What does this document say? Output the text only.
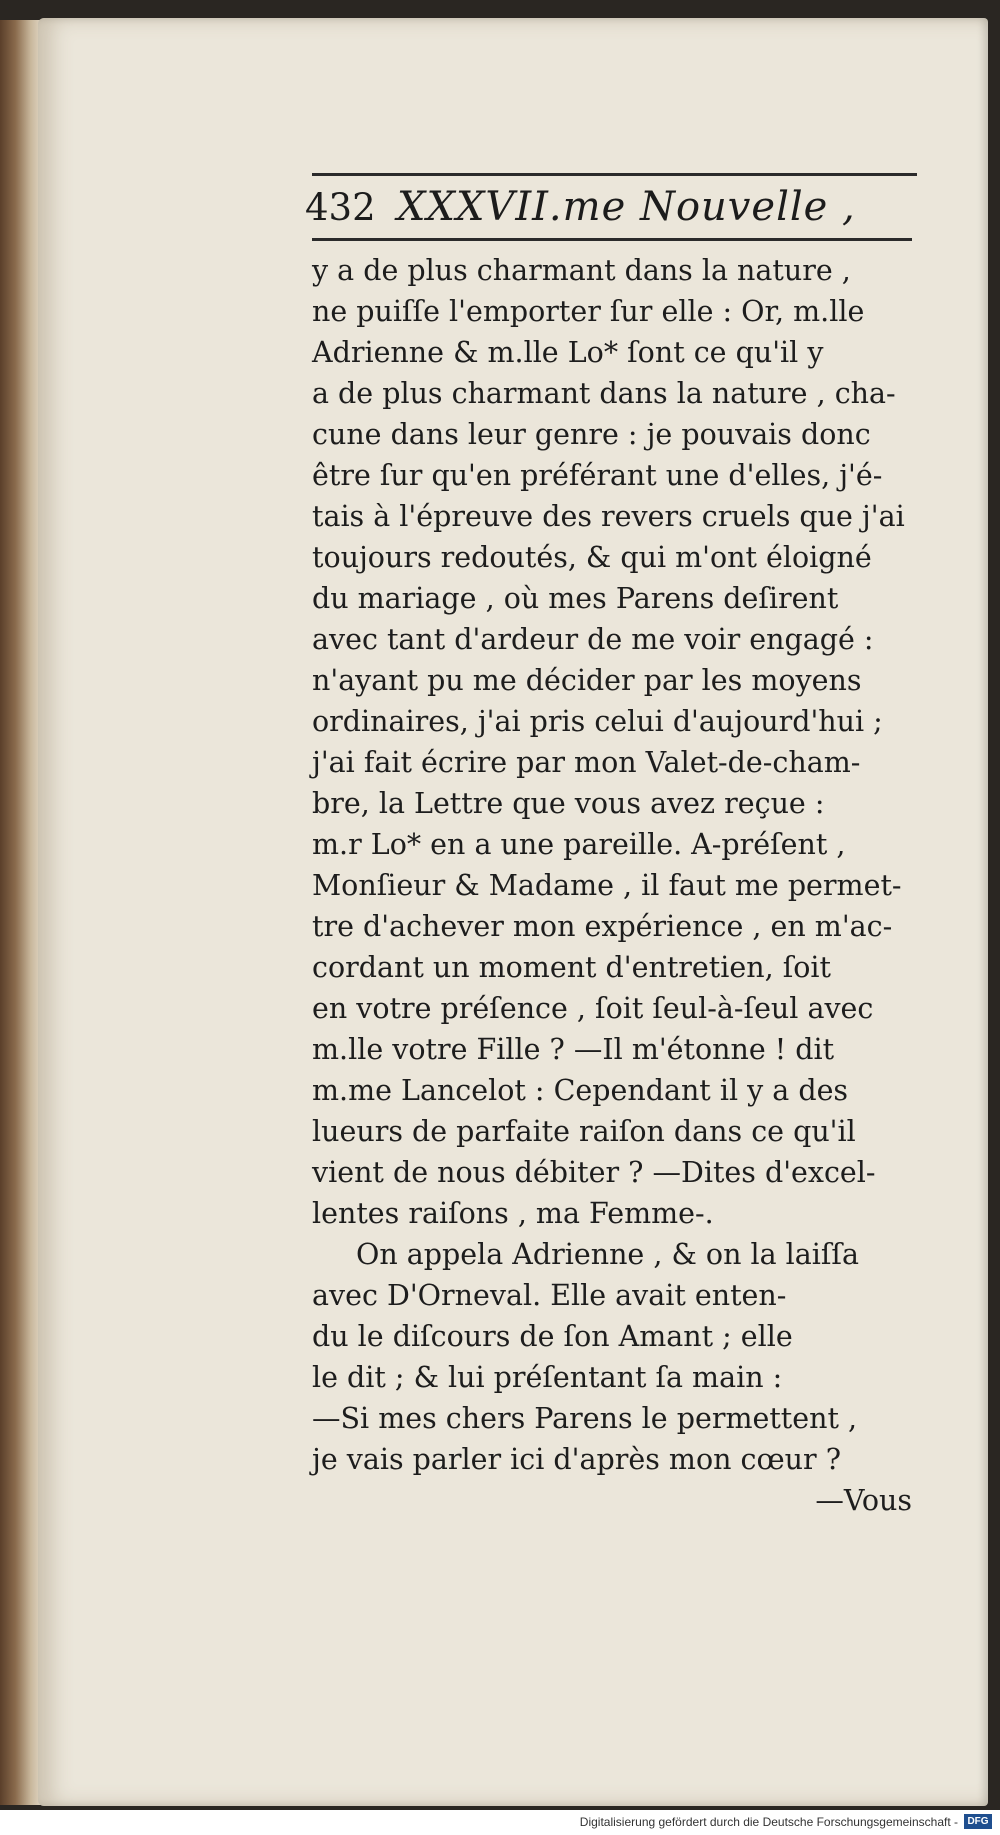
432 XXXVII.me Nouvelle ,
y a de plus charmant dans la nature ,
ne puiſſe l'emporter ſur elle : Or, m.lle
Adrienne & m.lle Lo* ſont ce qu'il y
a de plus charmant dans la nature , cha-
cune dans leur genre : je pouvais donc
être ſur qu'en préférant une d'elles, j'é-
tais à l'épreuve des revers cruels que j'ai
toujours redoutés, & qui m'ont éloigné
du mariage , où mes Parens deſirent
avec tant d'ardeur de me voir engagé :
n'ayant pu me décider par les moyens
ordinaires, j'ai pris celui d'aujourd'hui ;
j'ai fait écrire par mon Valet-de-cham-
bre, la Lettre que vous avez reçue :
m.r Lo* en a une pareille. A-préſent ,
Monſieur & Madame , il faut me permet-
tre d'achever mon expérience , en m'ac-
cordant un moment d'entretien, ſoit
en votre préſence , ſoit ſeul-à-ſeul avec
m.lle votre Fille ? —Il m'étonne ! dit
m.me Lancelot : Cependant il y a des
lueurs de parfaite raiſon dans ce qu'il
vient de nous débiter ? —Dites d'excel-
lentes raiſons , ma Femme-.
On appela Adrienne , & on la laiſſa
avec D'Orneval. Elle avait enten-
du le diſcours de ſon Amant ; elle
le dit ; & lui préſentant ſa main :
—Si mes chers Parens le permettent ,
je vais parler ici d'après mon cœur ?
—Vous
Digitalisierung gefördert durch die Deutsche Forschungsgemeinschaft - DFG
